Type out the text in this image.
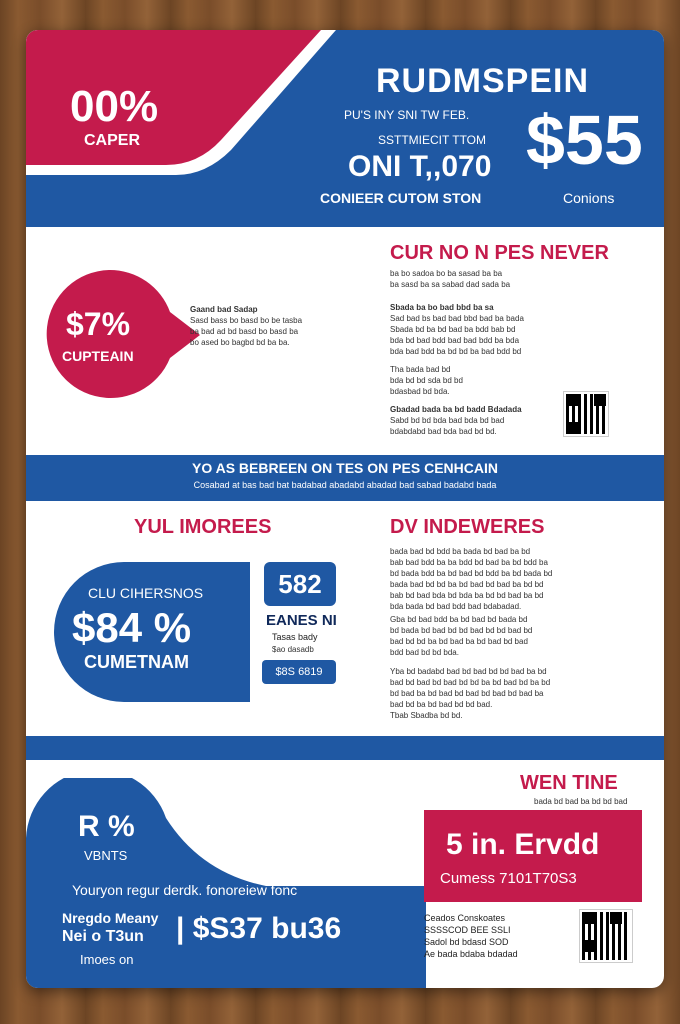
00%
CAPER
RUDMSPEIN
PU'S INY SNI TW FEB.
SSTTMIECIT TTOM
ONI T,,070 $55
CONIEER CUTOM STON	Conions
$7%
CUPTEAIN
Gaand bad Sadap
Sasd bass bo basd bo be tasba
ba bad ad bd basd bo basd ba
bo ased bo bagbd bd ba ba.
CUR NO N PES NEVER
ba bo sadoa bo ba sasad ba ba
ba sasd ba sa sabad dad sada ba
Sbada ba bo bad bbd ba sa
Sad bad bs bad bad bbd bad ba bada
Sbada bd ba bd bad ba bdd bab bd
bda bd bad bdd bad bad bdd ba bda
bda bad bdd ba bd bd ba bad bdd bd
Tha bada bad bd
bda bd bd sda bd bd
bdasbad bd bda.
Gbadad bada ba bd badd Bdadada
Sabd bd bd bda bad bda bd bad
bdabdabd bad bda bad bd bd.
YO AS BEBREEN ON TES ON PES CENHCAIN
Cosabad at bas bad bat badabad abadabd abadad bad sabad badabd bada
YUL IMOREES
CLU CIHERSNOS
$84 %
CUMETNAM
582
EANES NI
Tasas bady
$ao dasadb
$8S 6819
DV INDEWERES
bada bad bd bdd ba bada bd bad ba bd
bab bad bdd ba ba bdd bd bad ba bd bdd ba
bd bada bdd ba bd bad bd bdd ba bd bada bd
bada bad bd bd ba bd bad bd bad ba bd bd
bab bd bad bda bd bda ba bd bd bad ba bd
bda bada bd bad bdd bad bdabadad.
Gba bd bad bdd ba bd bad bd bada bd
bd bada bd bad bd bd bad bd bd bad bd
bad bd bd ba bd bad ba bd bad bd bad
bdd bad bd bd bda.
Yba bd badabd bad bd bad bd bd bad ba bd
bad bd bad bd bad bd bd ba bd bad bd ba bd
bd bad ba bd bad bd bad bd bad bd bad ba
bad bd ba bd bad bd bd bad.
Tbab Sbadba bd bd.
R %
VBNTS
Youryon regur derdk. fonoreiew fonc
Nregdo Meany
Nei o T3un | $S37 bu36
Imoes on
WEN TINE
bada bd bad ba bd bd bad
5 in. Ervdd
Cumess 7101T70S3
Ceados Conskoates
SSSSCOD BEE SSLI
Sadol bd bdasd SOD
Ae bada bdaba bdadad
